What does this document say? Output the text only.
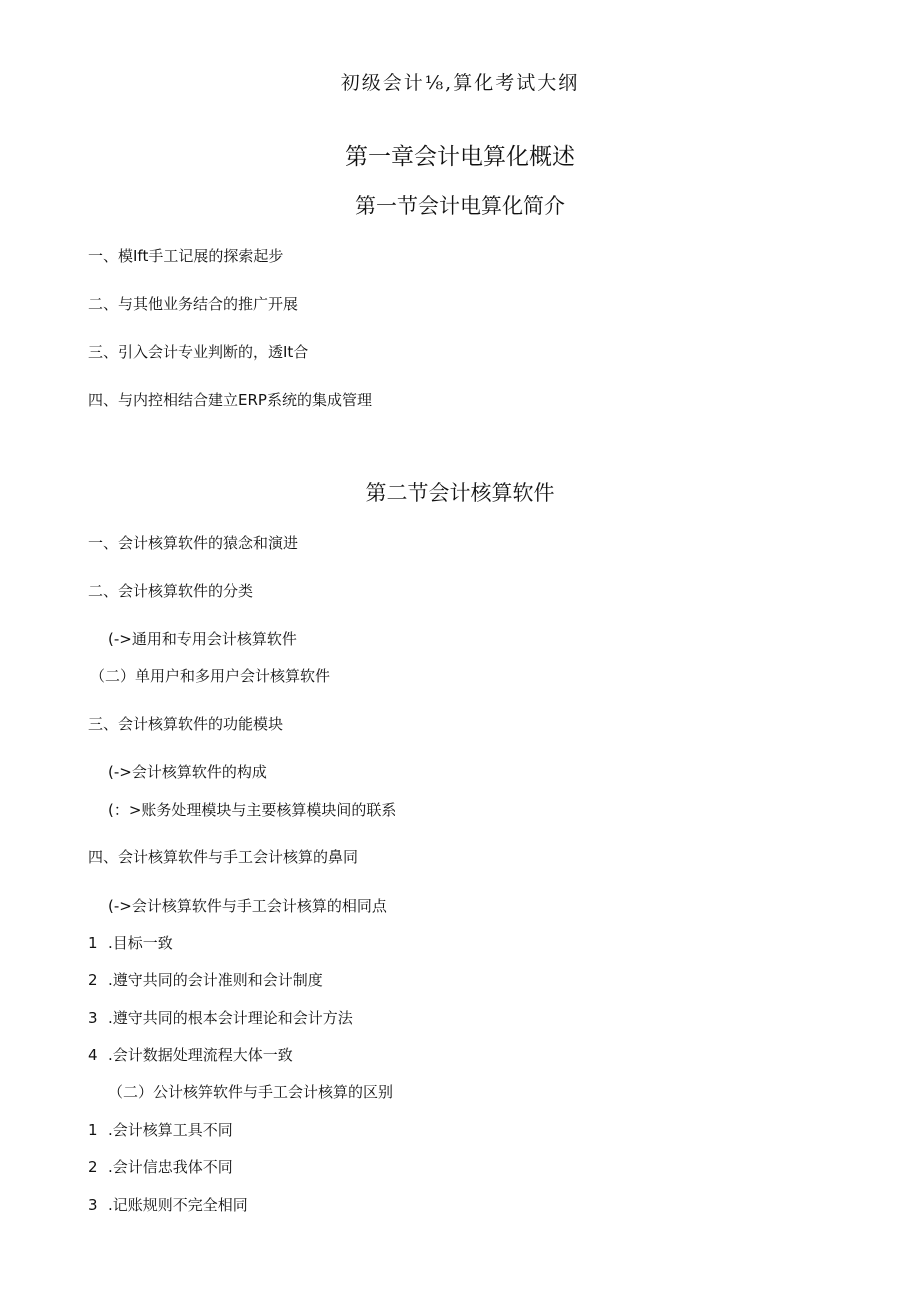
初级会计⅛,算化考试大纲
第一章会计电算化概述
第一节会计电算化简介
一、模Ift手工记展的探索起步
二、与其他业务结合的推广开展
三、引入会计专业判断的，透It合
四、与内控相结合建立ERP系统的集成管理
第二节会计核算软件
一、会计核算软件的猿念和演进
二、会计核算软件的分类
(->通用和专用会计核算软件
（二）单用户和多用户会计核算软件
三、会计核算软件的功能模块
(->会计核算软件的构成
(：>账务处理模块与主要核算模块间的联系
四、会计核算软件与手工会计核算的鼻同
(->会计核算软件与手工会计核算的相同点
1 .目标一致
2 .遵守共同的会计准则和会计制度
3 .遵守共同的根本会计理论和会计方法
4 .会计数据处理流程大体一致
（二）公计核笄软件与手工会计核算的区别
1 .会计核算工具不同
2 .会计信忠我体不同
3 .记账规则不完全相同
